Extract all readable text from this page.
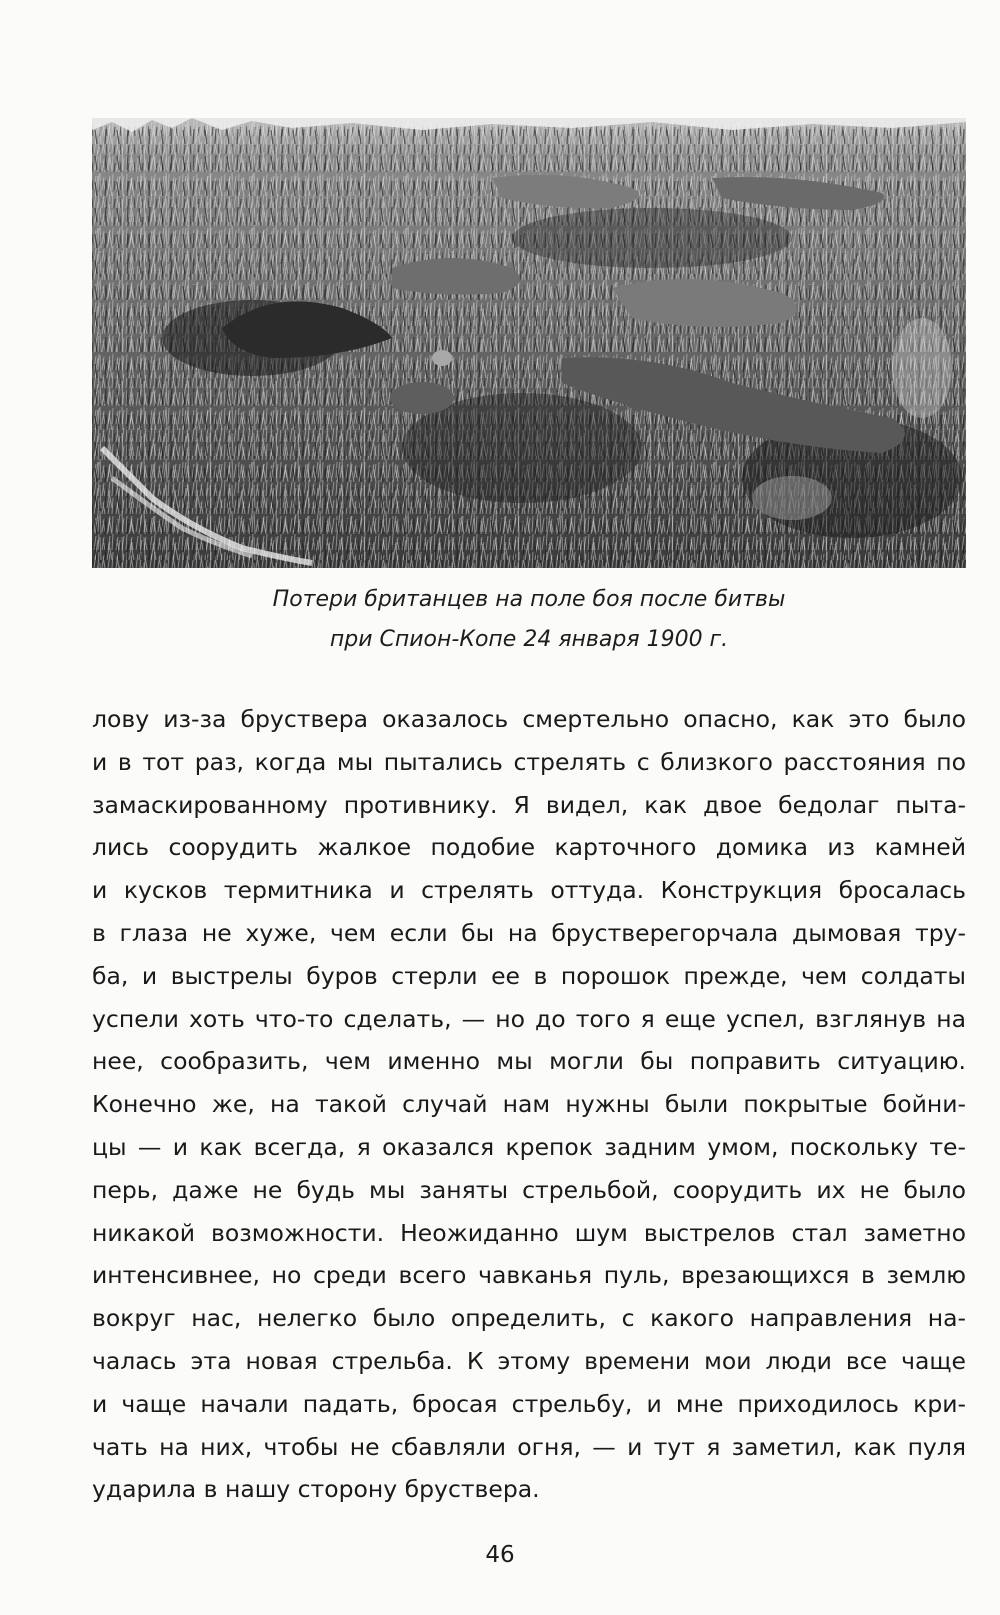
Потери британцев на поле боя после битвы
при Спион-Копе 24 января 1900 г.
лову из-за бруствера оказалось смертельно опасно, как это было
и в тот раз, когда мы пытались стрелять с близкого расстояния по
замаскированному противнику. Я видел, как двое бедолаг пыта-
лись соорудить жалкое подобие карточного домика из камней
и кусков термитника и стрелять оттуда. Конструкция бросалась
в глаза не хуже, чем если бы на брустверегорчала дымовая тру-
ба, и выстрелы буров стерли ее в порошок прежде, чем солдаты
успели хоть что-то сделать, — но до того я еще успел, взглянув на
нее, сообразить, чем именно мы могли бы поправить ситуацию.
Конечно же, на такой случай нам нужны были покрытые бойни-
цы — и как всегда, я оказался крепок задним умом, поскольку те-
перь, даже не будь мы заняты стрельбой, соорудить их не было
никакой возможности. Неожиданно шум выстрелов стал заметно
интенсивнее, но среди всего чавканья пуль, врезающихся в землю
вокруг нас, нелегко было определить, с какого направления на-
чалась эта новая стрельба. К этому времени мои люди все чаще
и чаще начали падать, бросая стрельбу, и мне приходилось кри-
чать на них, чтобы не сбавляли огня, — и тут я заметил, как пуля
ударила в нашу сторону бруствера.
46
